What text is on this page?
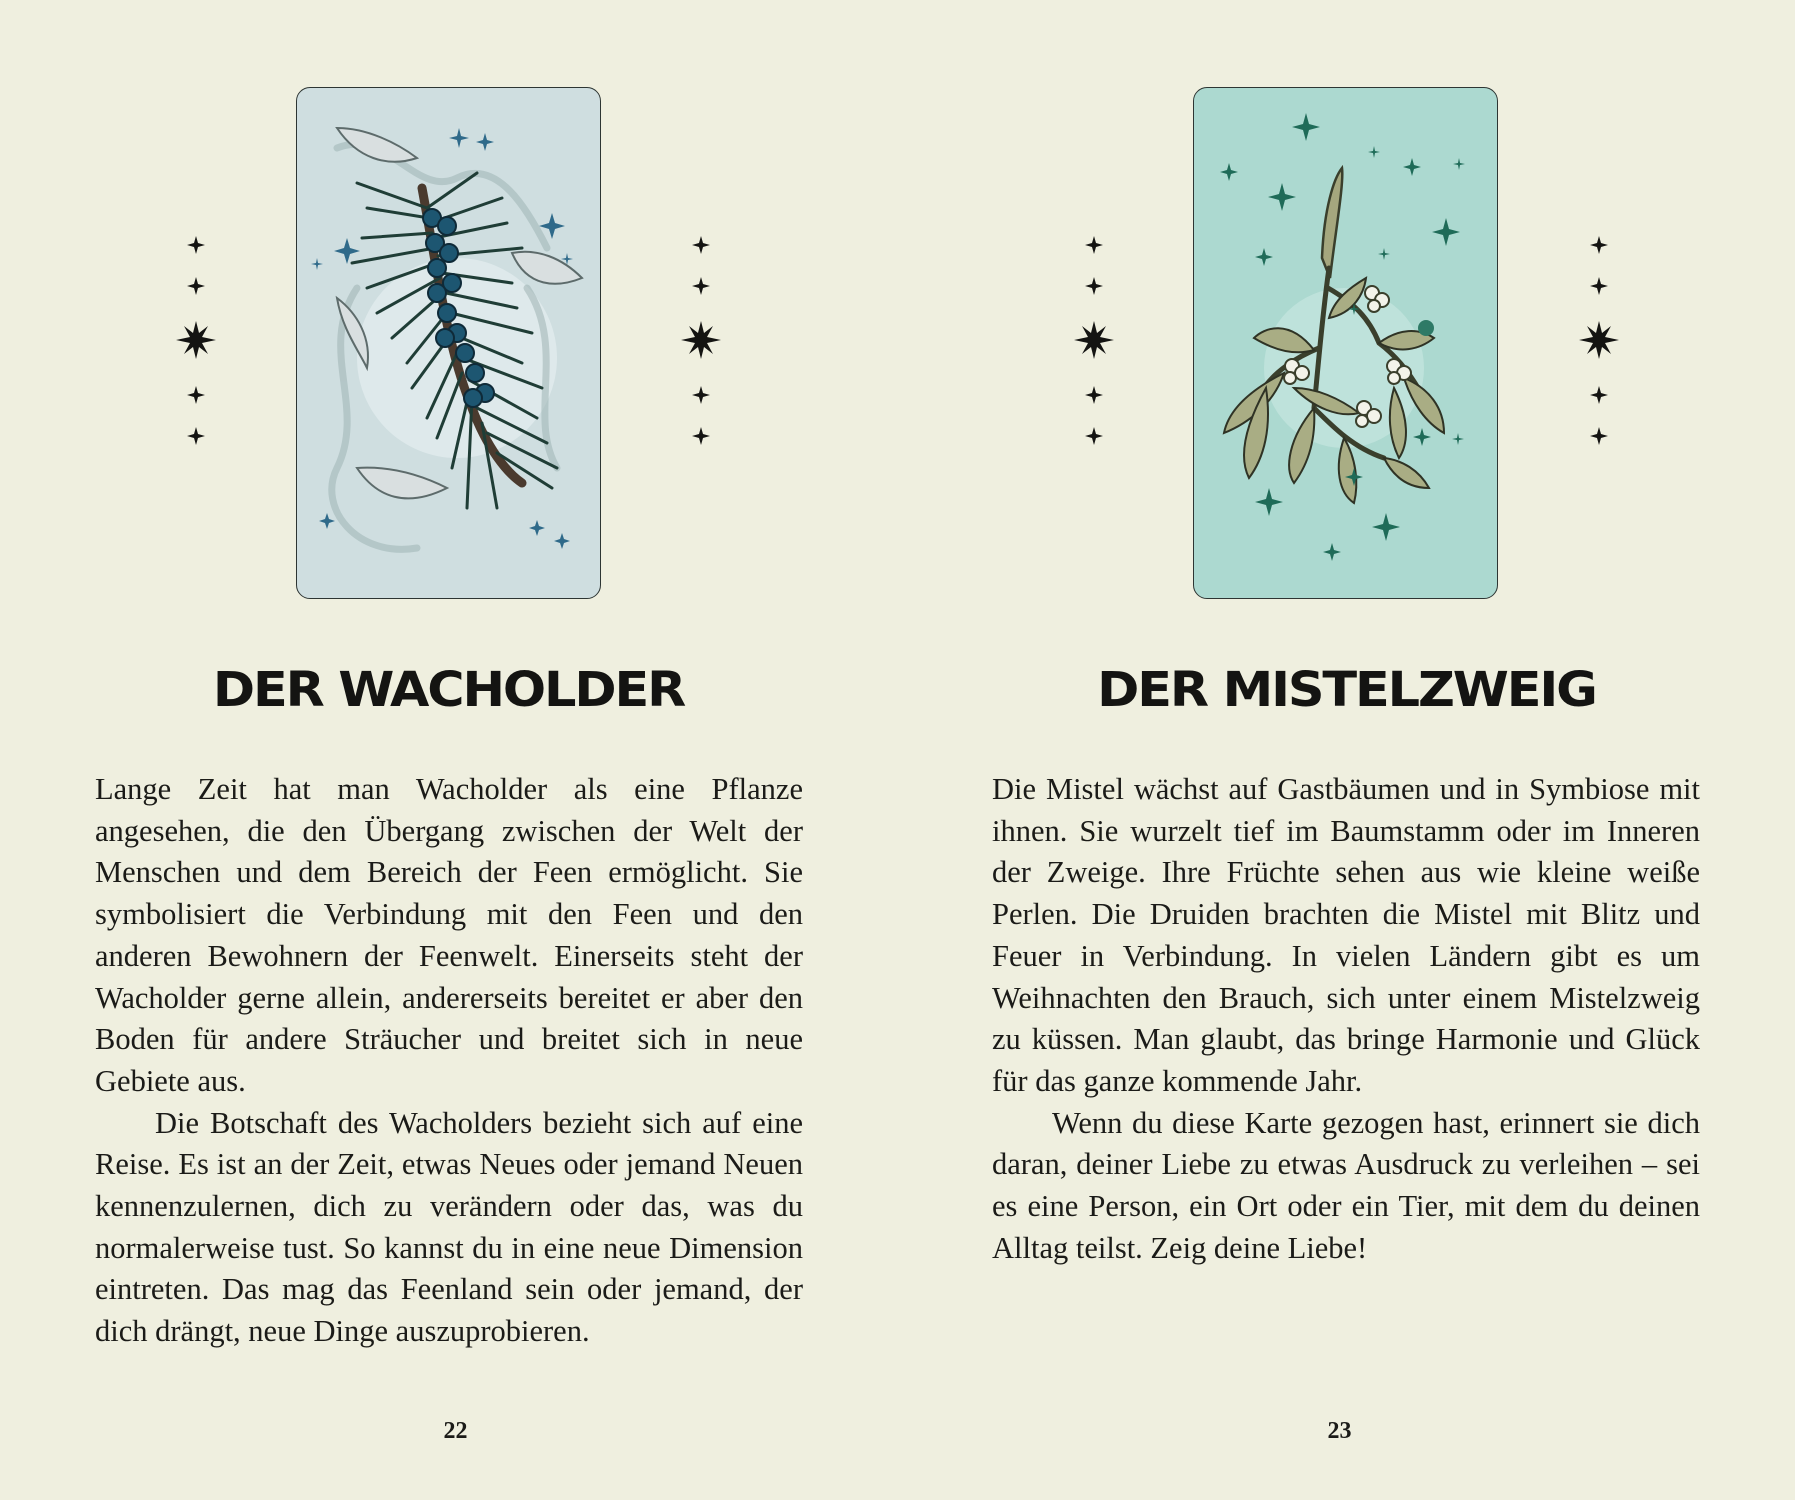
DER WACHOLDER

Lange Zeit hat man Wacholder als eine Pflanze angesehen, die den Übergang zwischen der Welt der Menschen und dem Bereich der Feen ermöglicht. Sie symbolisiert die Verbindung mit den Feen und den anderen Bewohnern der Feenwelt. Einerseits steht der Wacholder gerne allein, andererseits bereitet er aber den Boden für andere Sträucher und breitet sich in neue Gebiete aus.

Die Botschaft des Wacholders bezieht sich auf eine Reise. Es ist an der Zeit, etwas Neues oder jemand Neuen kennenzulernen, dich zu verändern oder das, was du normalerweise tust. So kannst du in eine neue Dimension eintreten. Das mag das Feenland sein oder jemand, der dich drängt, neue Dinge auszuprobieren.

22
DER MISTELZWEIG

Die Mistel wächst auf Gastbäumen und in Symbiose mit ihnen. Sie wurzelt tief im Baumstamm oder im Inneren der Zweige. Ihre Früchte sehen aus wie kleine weiße Perlen. Die Druiden brachten die Mistel mit Blitz und Feuer in Verbindung. In vielen Ländern gibt es um Weihnachten den Brauch, sich unter einem Mistelzweig zu küssen. Man glaubt, das bringe Harmonie und Glück für das ganze kommende Jahr.

Wenn du diese Karte gezogen hast, erinnert sie dich daran, deiner Liebe zu etwas Ausdruck zu verleihen – sei es eine Person, ein Ort oder ein Tier, mit dem du deinen Alltag teilst. Zeig deine Liebe!

23
